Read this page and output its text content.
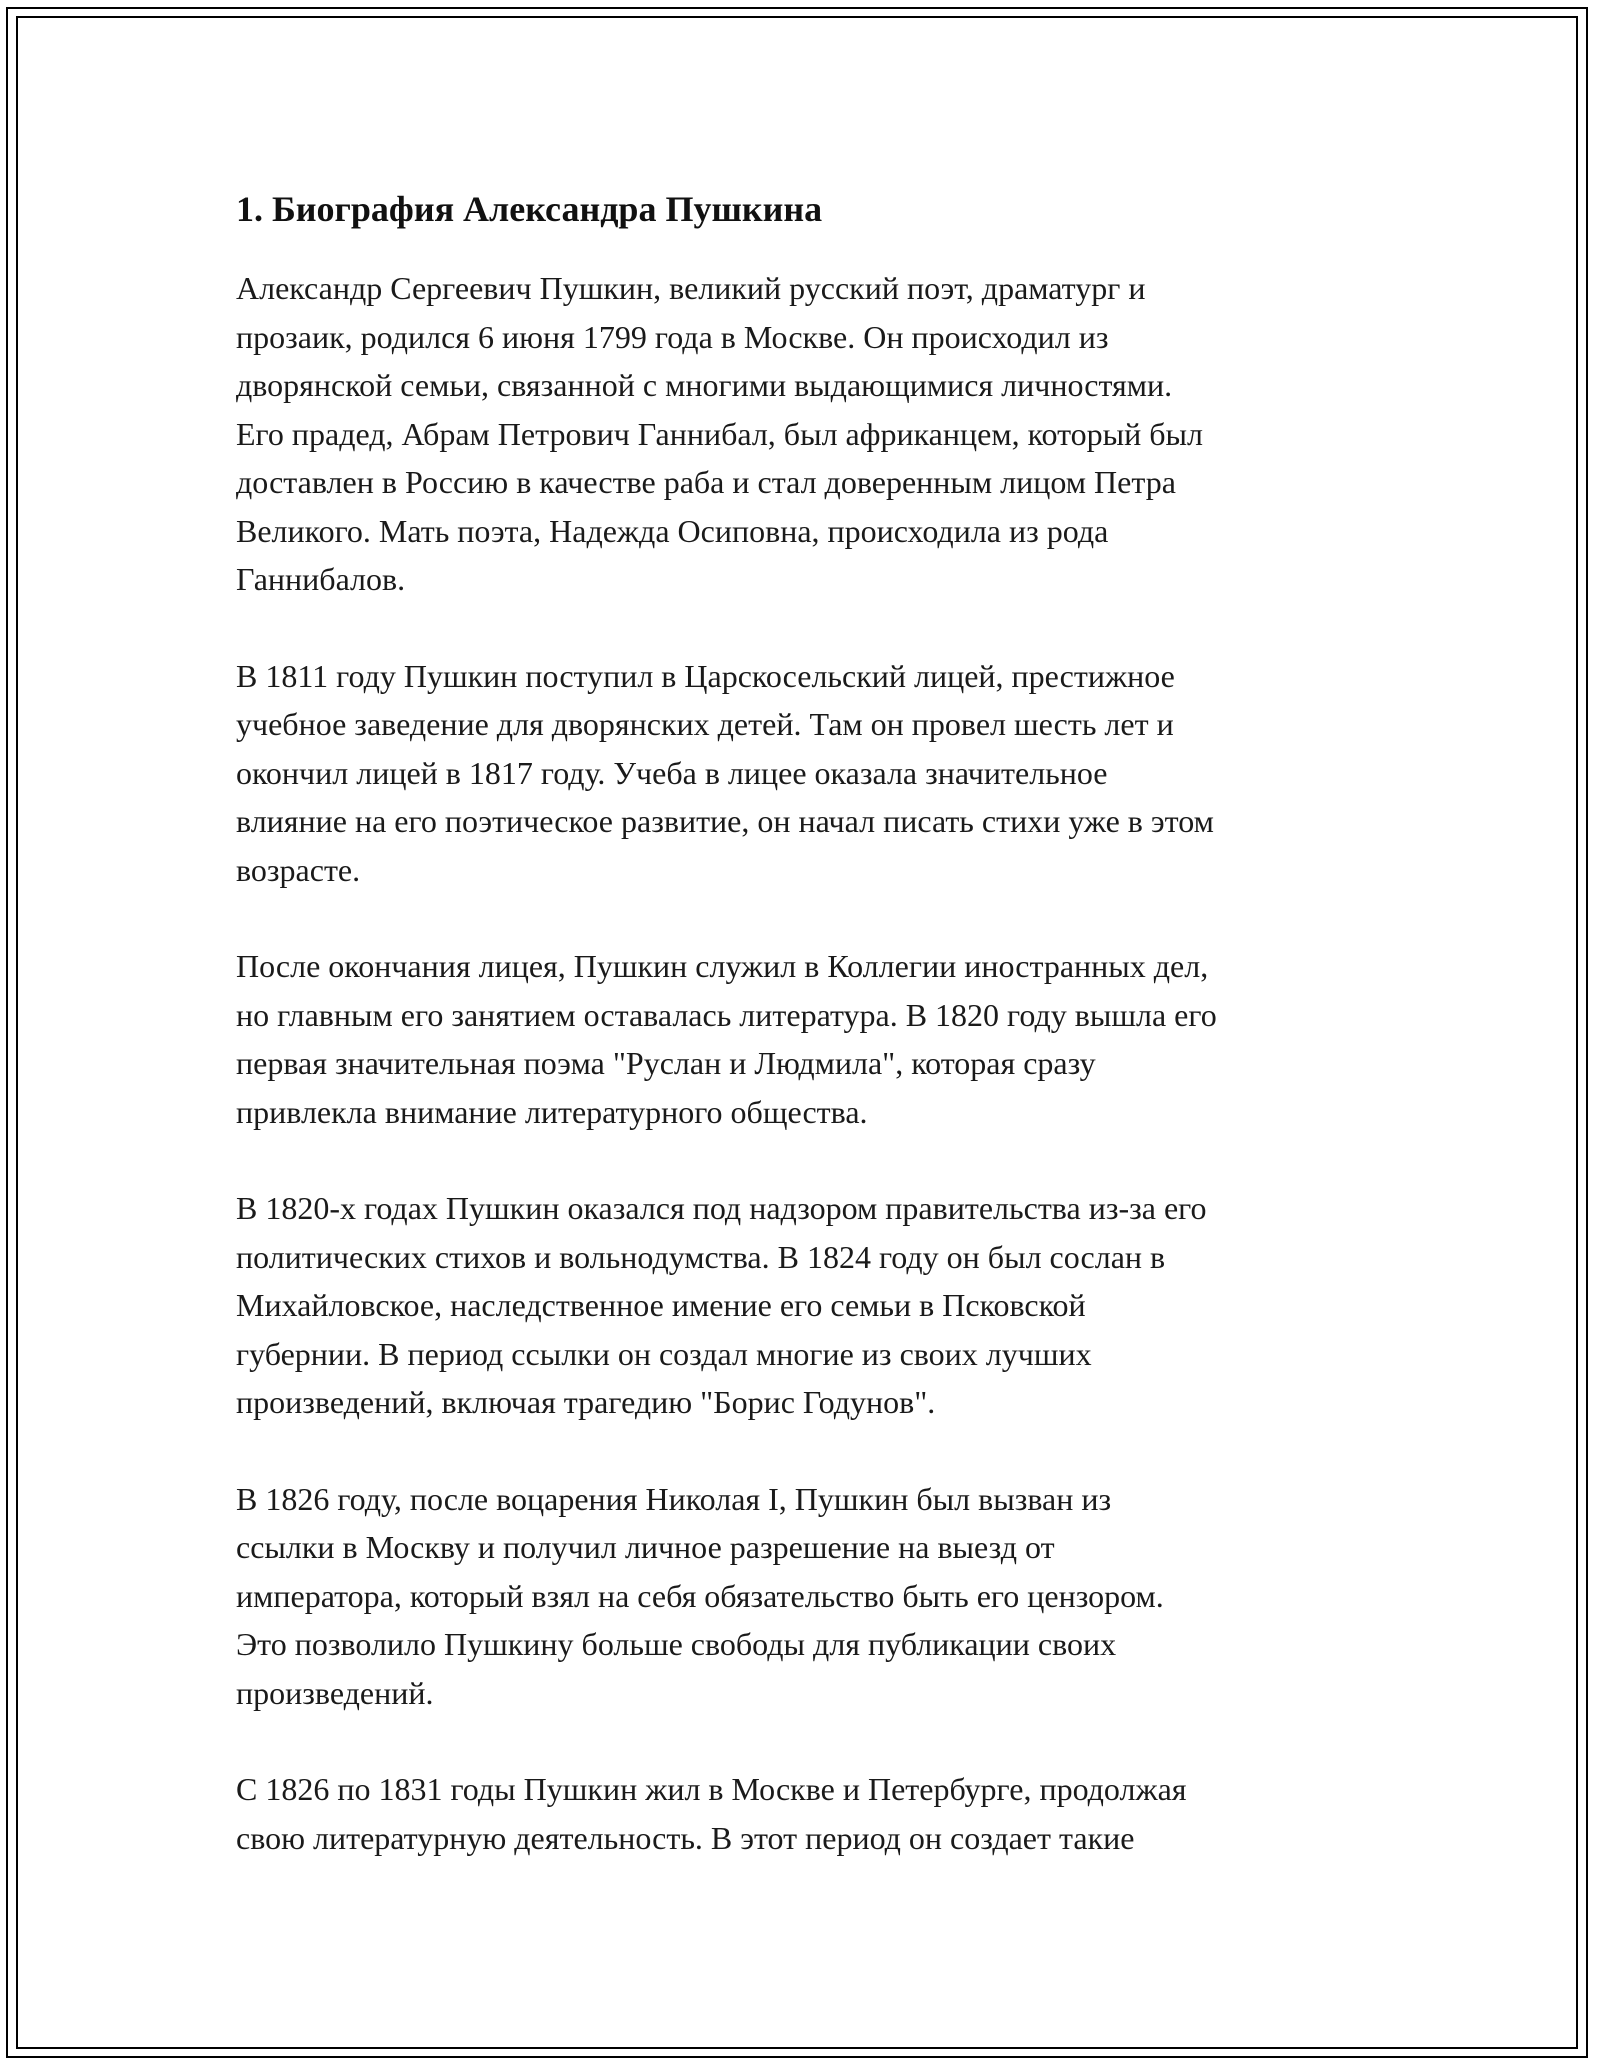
1. Биография Александра Пушкина

Александр Сергеевич Пушкин, великий русский поэт, драматург и
прозаик, родился 6 июня 1799 года в Москве. Он происходил из
дворянской семьи, связанной с многими выдающимися личностями.
Его прадед, Абрам Петрович Ганнибал, был африканцем, который был
доставлен в Россию в качестве раба и стал доверенным лицом Петра
Великого. Мать поэта, Надежда Осиповна, происходила из рода
Ганнибалов.

В 1811 году Пушкин поступил в Царскосельский лицей, престижное
учебное заведение для дворянских детей. Там он провел шесть лет и
окончил лицей в 1817 году. Учеба в лицее оказала значительное
влияние на его поэтическое развитие, он начал писать стихи уже в этом
возрасте.

После окончания лицея, Пушкин служил в Коллегии иностранных дел,
но главным его занятием оставалась литература. В 1820 году вышла его
первая значительная поэма "Руслан и Людмила", которая сразу
привлекла внимание литературного общества.

В 1820-х годах Пушкин оказался под надзором правительства из-за его
политических стихов и вольнодумства. В 1824 году он был сослан в
Михайловское, наследственное имение его семьи в Псковской
губернии. В период ссылки он создал многие из своих лучших
произведений, включая трагедию "Борис Годунов".

В 1826 году, после воцарения Николая I, Пушкин был вызван из
ссылки в Москву и получил личное разрешение на выезд от
императора, который взял на себя обязательство быть его цензором.
Это позволило Пушкину больше свободы для публикации своих
произведений.

С 1826 по 1831 годы Пушкин жил в Москве и Петербурге, продолжая
свою литературную деятельность. В этот период он создает такие
